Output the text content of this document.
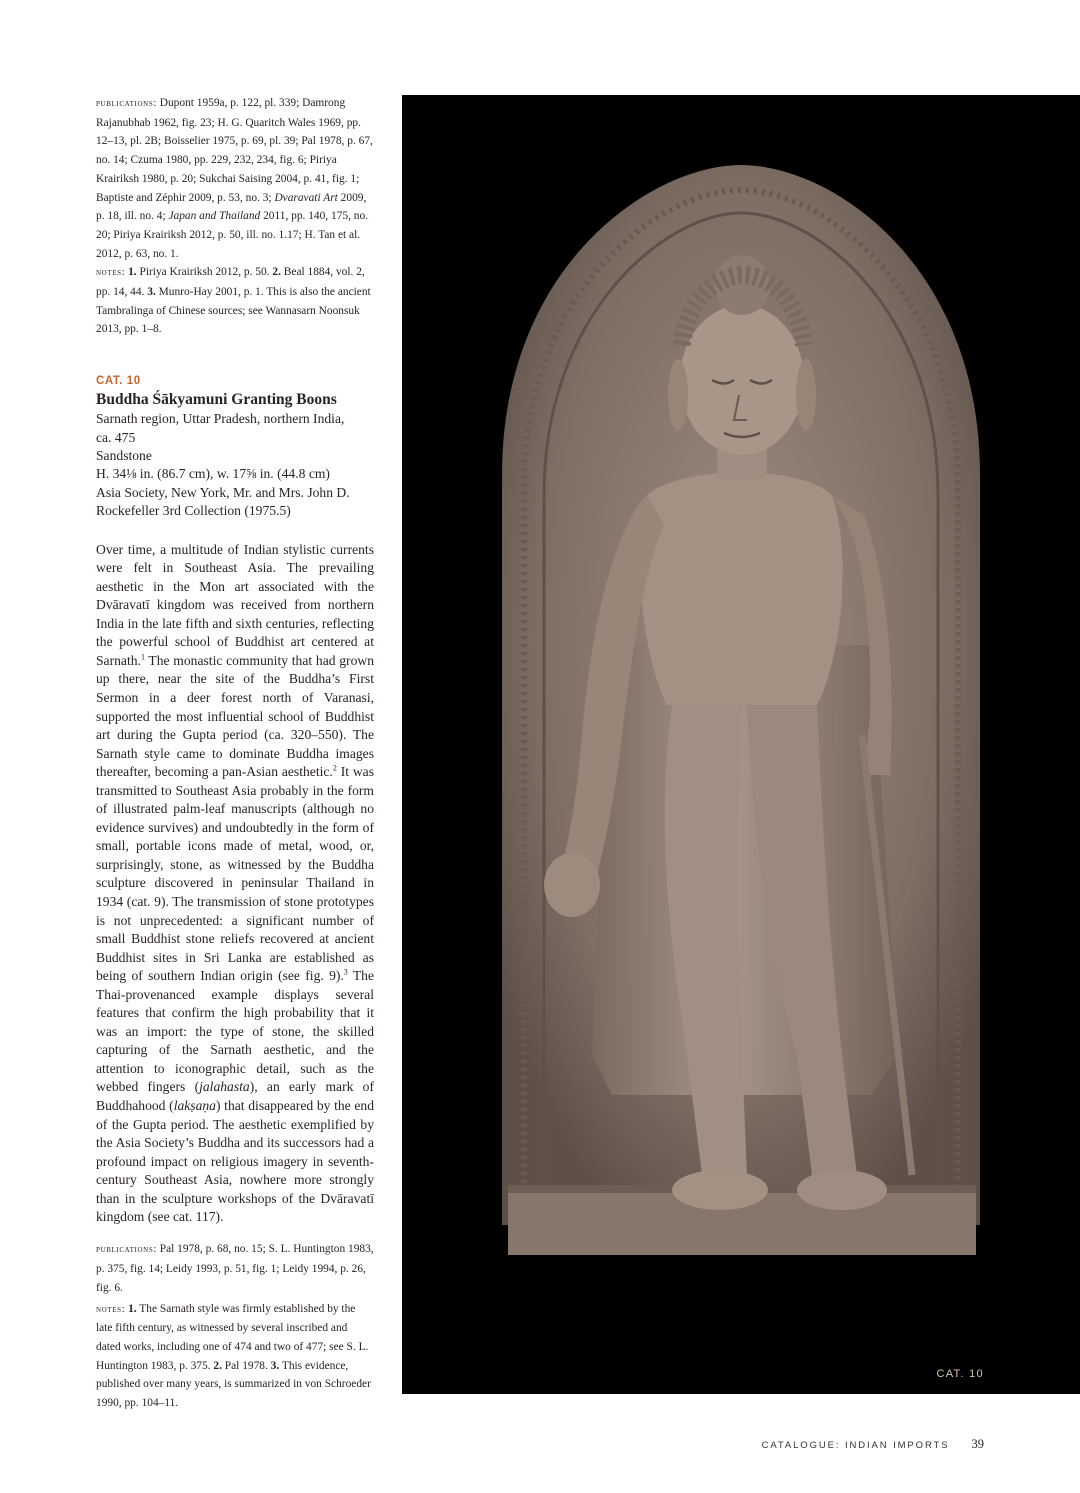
publications: Dupont 1959a, p. 122, pl. 339; Damrong Rajanubhab 1962, fig. 23; H. G. Quaritch Wales 1969, pp. 12–13, pl. 2B; Boisselier 1975, p. 69, pl. 39; Pal 1978, p. 67, no. 14; Czuma 1980, pp. 229, 232, 234, fig. 6; Piriya Krairiksh 1980, p. 20; Sukchai Saising 2004, p. 41, fig. 1; Baptiste and Zéphir 2009, p. 53, no. 3; Dvaravati Art 2009, p. 18, ill. no. 4; Japan and Thailand 2011, pp. 140, 175, no. 20; Piriya Krairiksh 2012, p. 50, ill. no. 1.17; H. Tan et al. 2012, p. 63, no. 1.

notes: 1. Piriya Krairiksh 2012, p. 50. 2. Beal 1884, vol. 2, pp. 14, 44. 3. Munro-Hay 2001, p. 1. This is also the ancient Tambralinga of Chinese sources; see Wannasarn Noonsuk 2013, pp. 1–8.

CAT. 10
Buddha Śākyamuni Granting Boons
Sarnath region, Uttar Pradesh, northern India,
ca. 475
Sandstone
H. 34⅛ in. (86.7 cm), w. 17⅝ in. (44.8 cm)
Asia Society, New York, Mr. and Mrs. John D. Rockefeller 3rd Collection (1975.5)

Over time, a multitude of Indian stylistic currents were felt in Southeast Asia. The prevailing aesthetic in the Mon art associated with the Dvāravatī kingdom was received from northern India in the late fifth and sixth centuries, reflecting the powerful school of Buddhist art centered at Sarnath.$^1$ The monastic community that had grown up there, near the site of the Buddha’s First Sermon in a deer forest north of Varanasi, supported the most influential school of Buddhist art during the Gupta period (ca. 320–550). The Sarnath style came to dominate Buddha images thereafter, becoming a pan-Asian aesthetic.$^2$ It was transmitted to Southeast Asia probably in the form of illustrated palm-leaf manuscripts (although no evidence survives) and undoubtedly in the form of small, portable icons made of metal, wood, or, surprisingly, stone, as witnessed by the Buddha sculpture discovered in peninsular Thailand in 1934 (cat. 9). The transmission of stone prototypes is not unprecedented: a significant number of small Buddhist stone reliefs recovered at ancient Buddhist sites in Sri Lanka are established as being of southern Indian origin (see fig. 9).$^3$ The Thai-provenanced example displays several features that confirm the high probability that it was an import: the type of stone, the skilled capturing of the Sarnath aesthetic, and the attention to iconographic detail, such as the webbed fingers (jalahasta), an early mark of Buddhahood (lakṣaṇa) that disappeared by the end of the Gupta period. The aesthetic exemplified by the Asia Society’s Buddha and its successors had a profound impact on religious imagery in seventh-century Southeast Asia, nowhere more strongly than in the sculpture workshops of the Dvāravatī kingdom (see cat. 117).

publications: Pal 1978, p. 68, no. 15; S. L. Huntington 1983, p. 375, fig. 14; Leidy 1993, p. 51, fig. 1; Leidy 1994, p. 26, fig. 6.

notes: 1. The Sarnath style was firmly established by the late fifth century, as witnessed by several inscribed and dated works, including one of 474 and two of 477; see S. L. Huntington 1983, p. 375. 2. Pal 1978. 3. This evidence, published over many years, is summarized in von Schroeder 1990, pp. 104–11.

CAT. 10
CATALOGUE: INDIAN IMPORTS 39
